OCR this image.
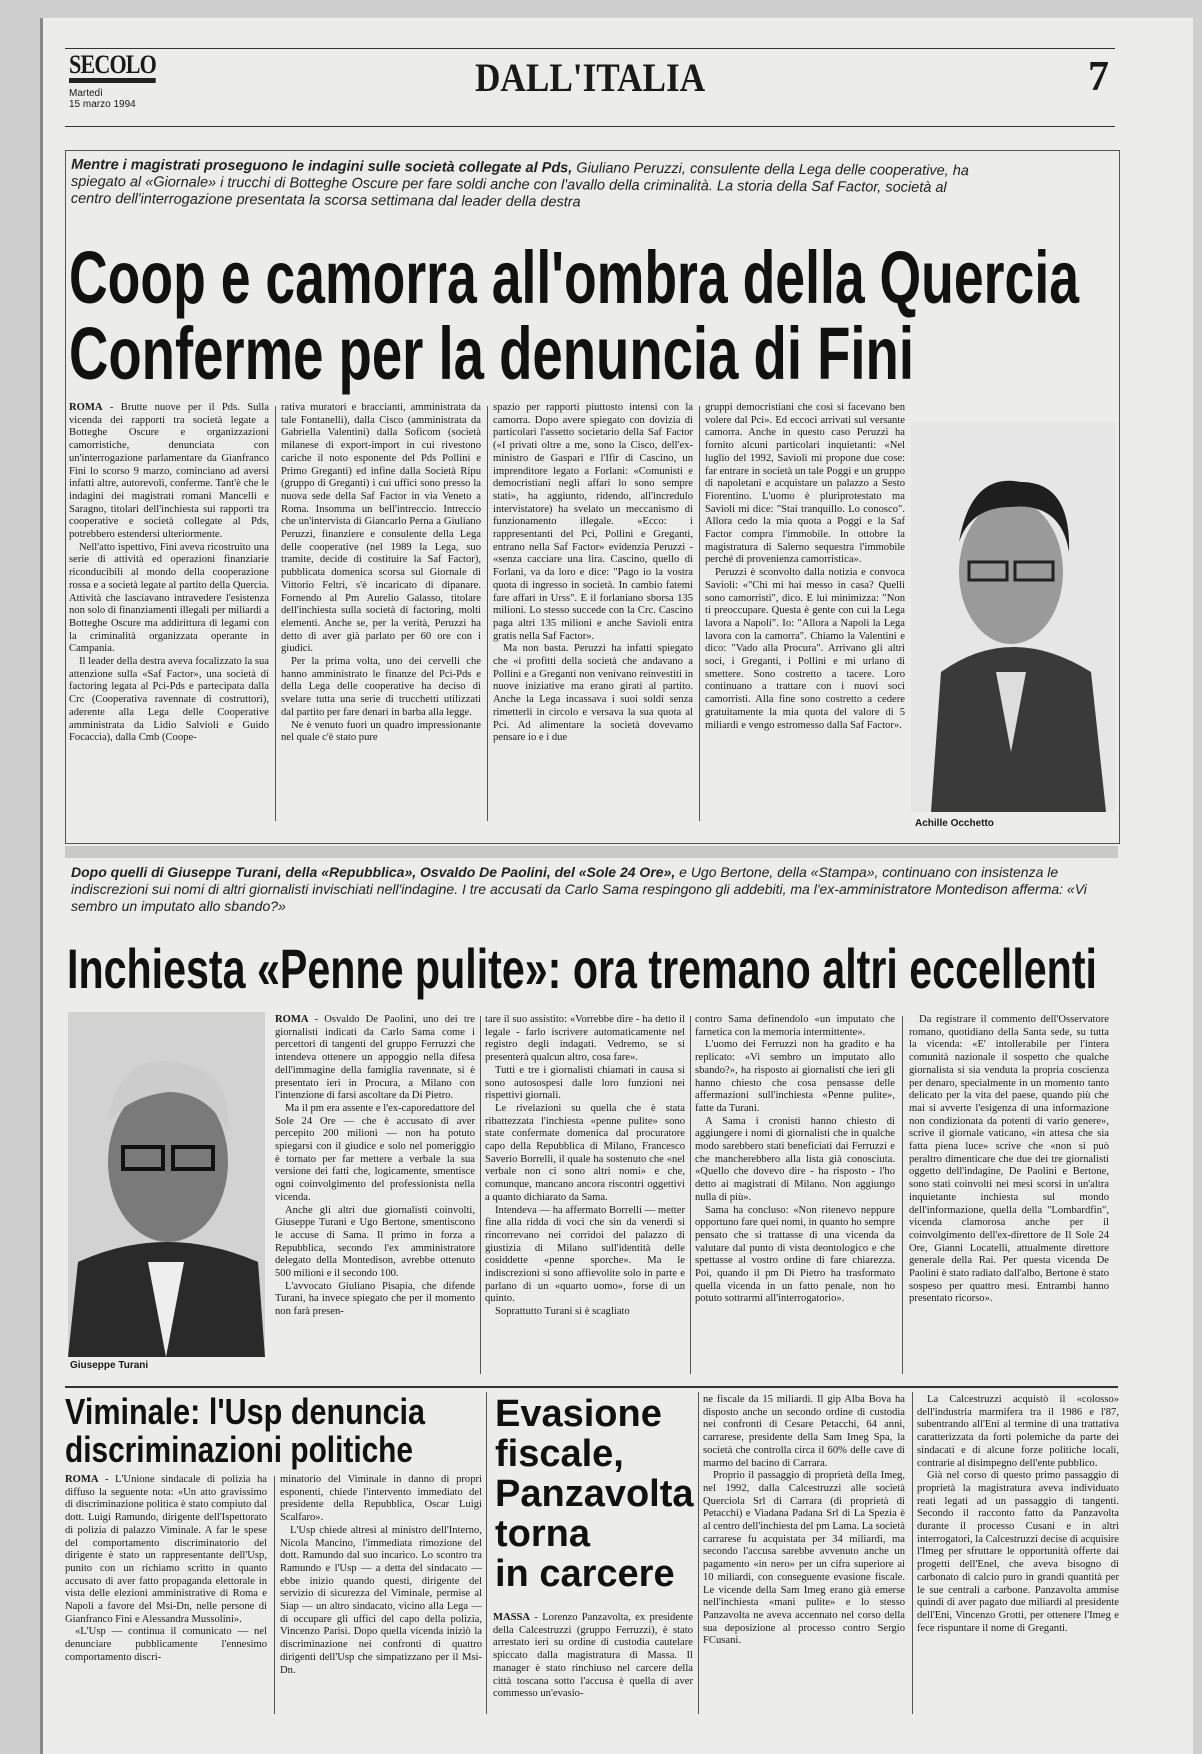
SECOLO
Martedì
15 marzo 1994
DALL'ITALIA	7
Mentre i magistrati proseguono le indagini sulle società collegate al Pds, Giuliano Peruzzi, consulente della Lega delle cooperative, ha spiegato al «Giornale» i trucchi di Botteghe Oscure per fare soldi anche con l'avallo della criminalità. La storia della Saf Factor, società al centro dell'interrogazione presentata la scorsa settimana dal leader della destra
Coop e camorra all'ombra della Quercia
Conferme per la denuncia di Fini

ROMA - Brutte nuove per il Pds. Sulla vicenda dei rapporti tra società legate a Botteghe Oscure e organizzazioni camorristiche, denunciata con un'interrogazione parlamentare da Gianfranco Fini lo scorso 9 marzo, cominciano ad aversi infatti altre, autorevoli, conferme. Tant'è che le indagini dei magistrati romani Mancelli e Saragno, titolari dell'inchiesta sui rapporti tra cooperative e società collegate al Pds, potrebbero estendersi ulteriormente.

Nell'atto ispettivo, Fini aveva ricostruito una serie di attività ed operazioni finanziarie riconducibili al mondo della cooperazione rossa e a società legate al partito della Quercia. Attività che lasciavano intravedere l'esistenza non solo di finanziamenti illegali per miliardi a Botteghe Oscure ma addirittura di legami con la criminalità organizzata operante in Campania.

Il leader della destra aveva focalizzato la sua attenzione sulla «Saf Factor», una società di factoring legata al Pci-Pds e partecipata dalla Crc (Cooperativa ravennate di costruttori), aderente alla Lega delle Cooperative amministrata da Lidio Salvioli e Guido Focaccia), dalla Cmb (Coope-

rativa muratori e braccianti, amministrata da tale Fontanelli), dalla Cisco (amministrata da Gabriella Valentini) dalla Soficom (società milanese di export-import in cui rivestono cariche il noto esponente del Pds Pollini e Primo Greganti) ed infine dalla Società Ripu (gruppo di Greganti) i cui uffici sono presso la nuova sede della Saf Factor in via Veneto a Roma. Insomma un bell'intreccio. Intreccio che un'intervista di Giancarlo Perna a Giuliano Peruzzi, finanziere e consulente della Lega delle cooperative (nel 1989 la Lega, suo tramite, decide di costituire la Saf Factor), pubblicata domenica scorsa sul Giornale di Vittorio Feltri, s'è incaricato di dipanare. Fornendo al Pm Aurelio Galasso, titolare dell'inchiesta sulla società di factoring, molti elementi. Anche se, per la verità, Peruzzi ha detto di aver già parlato per 60 ore con i giudici.

Per la prima volta, uno dei cervelli che hanno amministrato le finanze del Pci-Pds e della Lega delle cooperative ha deciso di svelare tutta una serie di trucchetti utilizzati dal partito per fare denari in barba alla legge.

Ne è venuto fuori un quadro impressionante nel quale c'è stato pure

spazio per rapporti piuttosto intensi con la camorra. Dopo avere spiegato con dovizia di particolari l'assetto societario della Saf Factor («I privati oltre a me, sono la Cisco, dell'ex-ministro de Gaspari e l'Ifir di Cascino, un imprenditore legato a Forlani: «Comunisti e democristiani negli affari lo sono sempre stati», ha aggiunto, ridendo, all'incredulo intervistatore) ha svelato un meccanismo di funzionamento illegale. «Ecco: i rappresentanti del Pci, Pollini e Greganti, entrano nella Saf Factor» evidenzia Peruzzi - «senza cacciare una lira. Cascino, quello di Forlani, va da loro e dice: "Pago io la vostra quota di ingresso in società. In cambio fatemi fare affari in Urss". E il forlaniano sborsa 135 milioni. Lo stesso succede con la Crc. Cascino paga altri 135 milioni e anche Savioli entra gratis nella Saf Factor».

Ma non basta. Peruzzi ha infatti spiegato che «i profitti della società che andavano a Pollini e a Greganti non venivano reinvestiti in nuove iniziative ma erano girati al partito. Anche la Lega incassava i suoi soldi senza rimetterli in circolo e versava la sua quota al Pci. Ad alimentare la società dovevamo pensare io e i due

gruppi democristiani che così si facevano ben volere dal Pci». Ed eccoci arrivati sul versante camorra. Anche in questo caso Peruzzi ha fornito alcuni particolari inquietanti: «Nel luglio del 1992, Savioli mi propone due cose: far entrare in società un tale Poggi e un gruppo di napoletani e acquistare un palazzo a Sesto Fiorentino. L'uomo è pluriprotestato ma Savioli mi dice: "Stai tranquillo. Lo conosco". Allora cedo la mia quota a Poggi e la Saf Factor compra l'immobile. In ottobre la magistratura di Salerno sequestra l'immobile perché di provenienza camorristica».

Peruzzi è sconvolto dalla notizia e convoca Savioli: «"Chi mi hai messo in casa? Quelli sono camorristi", dico. E lui minimizza: "Non ti preoccupare. Questa è gente con cui la Lega lavora a Napoli". Io: "Allora a Napoli la Lega lavora con la camorra". Chiamo la Valentini e dico: "Vado alla Procura". Arrivano gli altri soci, i Greganti, i Pollini e mi urlano di smettere. Sono costretto a tacere. Loro continuano a trattare con i nuovi soci camorristi. Alla fine sono costretto a cedere gratuitamente la mia quota del valore di 5 miliardi e vengo estromesso dalla Saf Factor».

Achille Occhetto
Dopo quelli di Giuseppe Turani, della «Repubblica», Osvaldo De Paolini, del «Sole 24 Ore», e Ugo Bertone, della «Stampa», continuano con insistenza le indiscrezioni sui nomi di altri giornalisti invischiati nell'indagine. I tre accusati da Carlo Sama respingono gli addebiti, ma l'ex-amministratore Montedison afferma: «Vi sembro un imputato allo sbando?»
Inchiesta «Penne pulite»: ora tremano altri eccellenti
Giuseppe Turani

ROMA - Osvaldo De Paolini, uno dei tre giornalisti indicati da Carlo Sama come i percettori di tangenti del gruppo Ferruzzi che intendeva ottenere un appoggio nella difesa dell'immagine della famiglia ravennate, si è presentato ieri in Procura, a Milano con l'intenzione di farsi ascoltare da Di Pietro.

Ma il pm era assente e l'ex-caporedattore del Sole 24 Ore — che è accusato di aver percepito 200 milioni — non ha potuto spiegarsi con il giudice e solo nel pomeriggio è tornato per far mettere a verbale la sua versione dei fatti che, logicamente, smentisce ogni coinvolgimento del professionista nella vicenda.

Anche gli altri due giornalisti coinvolti, Giuseppe Turani e Ugo Bertone, smentiscono le accuse di Sama. Il primo in forza a Repubblica, secondo l'ex amministratore delegato della Montedison, avrebbe ottenuto 500 milioni e il secondo 100.

L'avvocato Giuliano Pisapia, che difende Turani, ha invece spiegato che per il momento non farà presen-

tare il suo assistito: «Vorrebbe dire - ha detto il legale - farlo iscrivere automaticamente nel registro degli indagati. Vedremo, se si presenterà qualcun altro, cosa fare».

Tutti e tre i giornalisti chiamati in causa si sono autosospesi dalle loro funzioni nei rispettivi giornali.

Le rivelazioni su quella che è stata ribattezzata l'inchiesta «penne pulite» sono state confermate domenica dal procuratore capo della Repubblica di Milano, Francesco Saverio Borrelli, il quale ha sostenuto che «nel verbale non ci sono altri nomi» e che, comunque, mancano ancora riscontri oggettivi a quanto dichiarato da Sama.

Intendeva — ha affermato Borrelli — metter fine alla ridda di voci che sin da venerdì si rincorrevano nei corridoi del palazzo di giustizia di Milano sull'identità delle cosiddette «penne sporche». Ma le indiscrezioni si sono affievolite solo in parte e parlano di un «quarto uomo», forse di un quinto.

Soprattutto Turani si è scagliato

contro Sama definendolo «un imputato che farnetica con la memoria intermittente».

L'uomo dei Ferruzzi non ha gradito e ha replicato: «Vi sembro un imputato allo sbando?», ha risposto ai giornalisti che ieri gli hanno chiesto che cosa pensasse delle affermazioni sull'inchiesta «Penne pulite», fatte da Turani.

A Sama i cronisti hanno chiesto di aggiungere i nomi di giornalisti che in qualche modo sarebbero stati beneficiati dai Ferruzzi e che mancherebbero alla lista già conosciuta. «Quello che dovevo dire - ha risposto - l'ho detto ai magistrati di Milano. Non aggiungo nulla di più».

Sama ha concluso: «Non ritenevo neppure opportuno fare quei nomi, in quanto ho sempre pensato che si trattasse di una vicenda da valutare dal punto di vista deontologico e che spettasse al vostro ordine di fare chiarezza. Poi, quando il pm Di Pietro ha trasformato quella vicenda in un fatto penale, non ho potuto sottrarmi all'interrogatorio».

Da registrare il commento dell'Osservatore romano, quotidiano della Santa sede, su tutta la vicenda: «E' intollerabile per l'intera comunità nazionale il sospetto che qualche giornalista si sia venduta la propria coscienza per denaro, specialmente in un momento tanto delicato per la vita del paese, quando più che mai si avverte l'esigenza di una informazione non condizionata da potenti di vario genere», scrive il giornale vaticano, «in attesa che sia fatta piena luce» scrive che «non si può peraltro dimenticare che due dei tre giornalisti oggetto dell'indagine, De Paolini e Bertone, sono stati coinvolti nei mesi scorsi in un'altra inquietante inchiesta sul mondo dell'informazione, quella della "Lombardfin", vicenda clamorosa anche per il coinvolgimento dell'ex-direttore de Il Sole 24 Ore, Gianni Locatelli, attualmente direttore generale della Rai. Per questa vicenda De Paolini è stato radiato dall'albo, Bertone è stato sospeso per quattro mesi. Entrambi hanno presentato ricorso».

Viminale: l'Usp denuncia
discriminazioni politiche

ROMA - L'Unione sindacale di polizia ha diffuso la seguente nota: «Un atto gravissimo di discriminazione politica è stato compiuto dal dott. Luigi Ramundo, dirigente dell'Ispettorato di polizia di palazzo Viminale. A far le spese del comportamento discriminatorio del dirigente è stato un rappresentante dell'Usp, punito con un richiamo scritto in quanto accusato di aver fatto propaganda elettorale in vista delle elezioni amministrative di Roma e Napoli a favore del Msi-Dn, nelle persone di Gianfranco Fini e Alessandra Mussolini».

«L'Usp — continua il comunicato — nel denunciare pubblicamente l'ennesimo comportamento discri-

minatorio del Viminale in danno di propri esponenti, chiede l'intervento immediato del presidente della Repubblica, Oscar Luigi Scalfaro».

L'Usp chiede altresì al ministro dell'Interno, Nicola Mancino, l'immediata rimozione del dott. Ramundo dal suo incarico. Lo scontro tra Ramundo e l'Usp — a detta del sindacato — ebbe inizio quando questi, dirigente del servizio di sicurezza del Viminale, permise al Siap — un altro sindacato, vicino alla Lega — di occupare gli uffici del capo della polizia, Vincenzo Parisi. Dopo quella vicenda iniziò la discriminazione nei confronti di quattro dirigenti dell'Usp che simpatizzano per il Msi-Dn.

Evasione
fiscale,
Panzavolta
torna
in carcere

MASSA - Lorenzo Panzavolta, ex presidente della Calcestruzzi (gruppo Ferruzzi), è stato arrestato ieri su ordine di custodia cautelare spiccato dalla magistratura di Massa. Il manager è stato rinchiuso nel carcere della città toscana sotto l'accusa è quella di aver commesso un'evasio-

ne fiscale da 15 miliardi. Il gip Alba Bova ha disposto anche un secondo ordine di custodia nei confronti di Cesare Petacchi, 64 anni, carrarese, presidente della Sam Imeg Spa, la società che controlla circa il 60% delle cave di marmo del bacino di Carrara.

Proprio il passaggio di proprietà della Imeg, nel 1992, dalla Calcestruzzi alle società Querciola Srl di Carrara (di proprietà di Petacchi) e Viadana Padana Srl di La Spezia è al centro dell'inchiesta del pm Lama. La società carrarese fu acquistata per 34 miliardi, ma secondo l'accusa sarebbe avvenuto anche un pagamento «in nero» per un cifra superiore ai 10 miliardi, con conseguente evasione fiscale. Le vicende della Sam Imeg erano già emerse nell'inchiesta «mani pulite» e lo stesso Panzavolta ne aveva accennato nel corso della sua deposizione al processo contro Sergio FCusani.

La Calcestruzzi acquistò il «colosso» dell'industria marmifera tra il 1986 e l'87, subentrando all'Eni al termine di una trattativa caratterizzata da forti polemiche da parte dei sindacati e di alcune forze politiche locali, contrarie al disimpegno dell'ente pubblico.

Già nel corso di questo primo passaggio di proprietà la magistratura aveva individuato reati legati ad un passaggio di tangenti. Secondo il racconto fatto da Panzavolta durante il processo Cusani e in altri interrogatori, la Calcestruzzi decise di acquisire l'Imeg per sfruttare le opportunità offerte dai progetti dell'Enel, che aveva bisogno di carbonato di calcio puro in grandi quantità per le sue centrali a carbone. Panzavolta ammise quindi di aver pagato due miliardi al presidente dell'Eni, Vincenzo Grotti, per ottenere l'Imeg e fece rispuntare il nome di Greganti.
